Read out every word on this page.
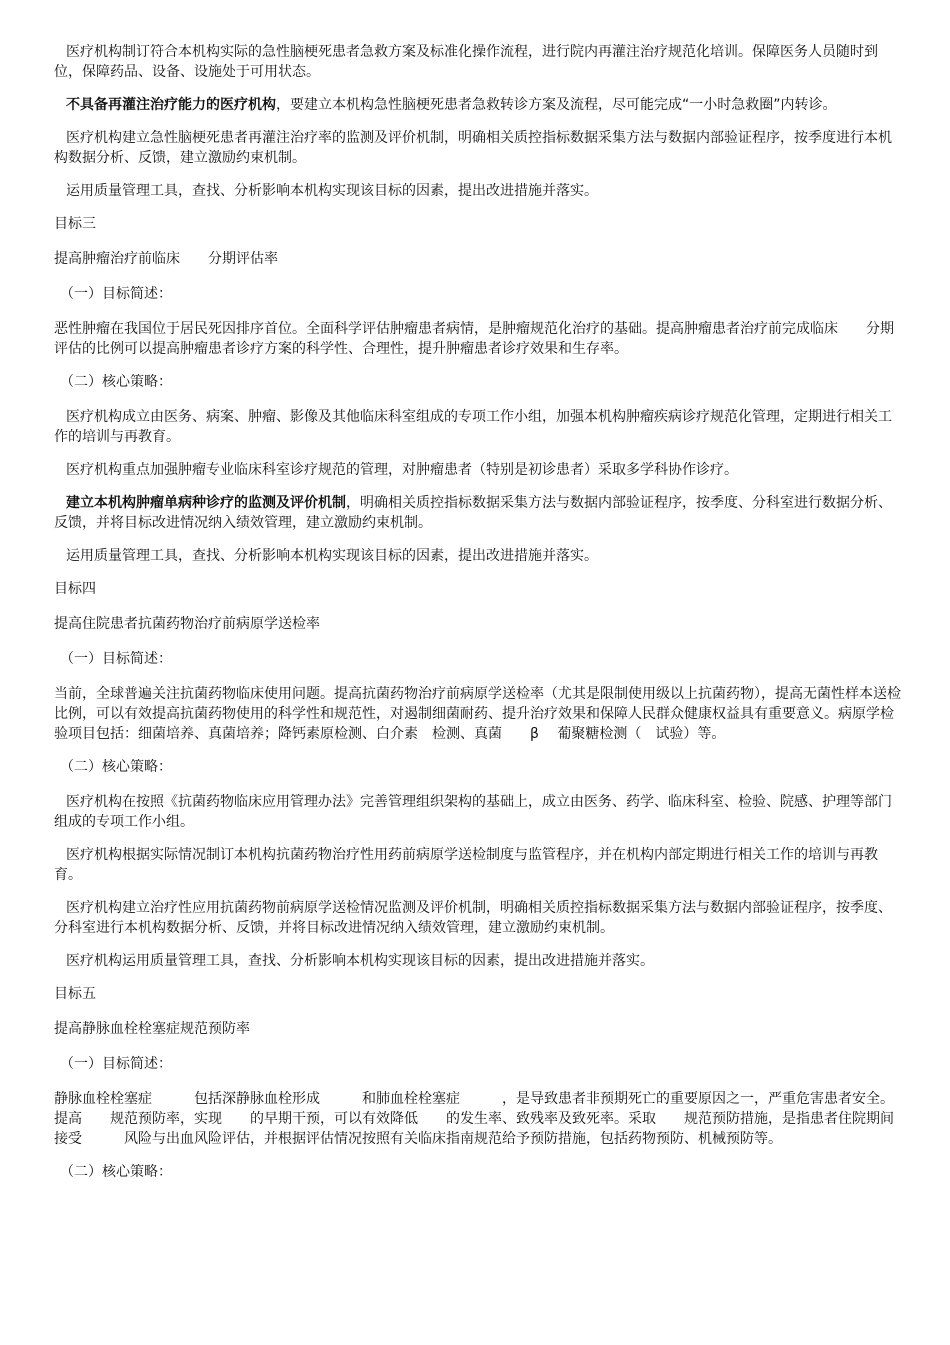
医疗机构制订符合本机构实际的急性脑梗死患者急救方案及标准化操作流程，进行院内再灌注治疗规范化培训。保障医务人员随时到位，保障药品、设备、设施处于可用状态。

不具备再灌注治疗能力的医疗机构，要建立本机构急性脑梗死患者急救转诊方案及流程，尽可能完成“一小时急救圈”内转诊。

医疗机构建立急性脑梗死患者再灌注治疗率的监测及评价机制，明确相关质控指标数据采集方法与数据内部验证程序，按季度进行本机构数据分析、反馈，建立激励约束机制。

运用质量管理工具，查找、分析影响本机构实现该目标的因素，提出改进措施并落实。

目标三

提高肿瘤治疗前临床　　分期评估率

（一）目标简述：

恶性肿瘤在我国位于居民死因排序首位。全面科学评估肿瘤患者病情，是肿瘤规范化治疗的基础。提高肿瘤患者治疗前完成临床　　分期评估的比例可以提高肿瘤患者诊疗方案的科学性、合理性，提升肿瘤患者诊疗效果和生存率。

（二）核心策略：

医疗机构成立由医务、病案、肿瘤、影像及其他临床科室组成的专项工作小组，加强本机构肿瘤疾病诊疗规范化管理，定期进行相关工作的培训与再教育。

医疗机构重点加强肿瘤专业临床科室诊疗规范的管理，对肿瘤患者（特别是初诊患者）采取多学科协作诊疗。

建立本机构肿瘤单病种诊疗的监测及评价机制，明确相关质控指标数据采集方法与数据内部验证程序，按季度、分科室进行数据分析、反馈，并将目标改进情况纳入绩效管理，建立激励约束机制。

运用质量管理工具，查找、分析影响本机构实现该目标的因素，提出改进措施并落实。

目标四

提高住院患者抗菌药物治疗前病原学送检率

（一）目标简述：

当前，全球普遍关注抗菌药物临床使用问题。提高抗菌药物治疗前病原学送检率（尤其是限制使用级以上抗菌药物），提高无菌性样本送检比例，可以有效提高抗菌药物使用的科学性和规范性，对遏制细菌耐药、提升治疗效果和保障人民群众健康权益具有重要意义。病原学检验项目包括：细菌培养、真菌培养；降钙素原检测、白介素　检测、真菌　　β　 葡聚糖检测（　试验）等。

（二）核心策略：

医疗机构在按照《抗菌药物临床应用管理办法》完善管理组织架构的基础上，成立由医务、药学、临床科室、检验、院感、护理等部门组成的专项工作小组。

医疗机构根据实际情况制订本机构抗菌药物治疗性用药前病原学送检制度与监管程序，并在机构内部定期进行相关工作的培训与再教育。

医疗机构建立治疗性应用抗菌药物前病原学送检情况监测及评价机制，明确相关质控指标数据采集方法与数据内部验证程序，按季度、分科室进行本机构数据分析、反馈，并将目标改进情况纳入绩效管理，建立激励约束机制。

医疗机构运用质量管理工具，查找、分析影响本机构实现该目标的因素，提出改进措施并落实。

目标五

提高静脉血栓栓塞症规范预防率

（一）目标简述：

静脉血栓栓塞症　　　包括深静脉血栓形成　　　和肺血栓栓塞症　　　，是导致患者非预期死亡的重要原因之一，严重危害患者安全。提高　　规范预防率，实现　　的早期干预，可以有效降低　　的发生率、致残率及致死率。采取　　规范预防措施，是指患者住院期间接受　　　风险与出血风险评估，并根据评估情况按照有关临床指南规范给予预防措施，包括药物预防、机械预防等。

（二）核心策略：
